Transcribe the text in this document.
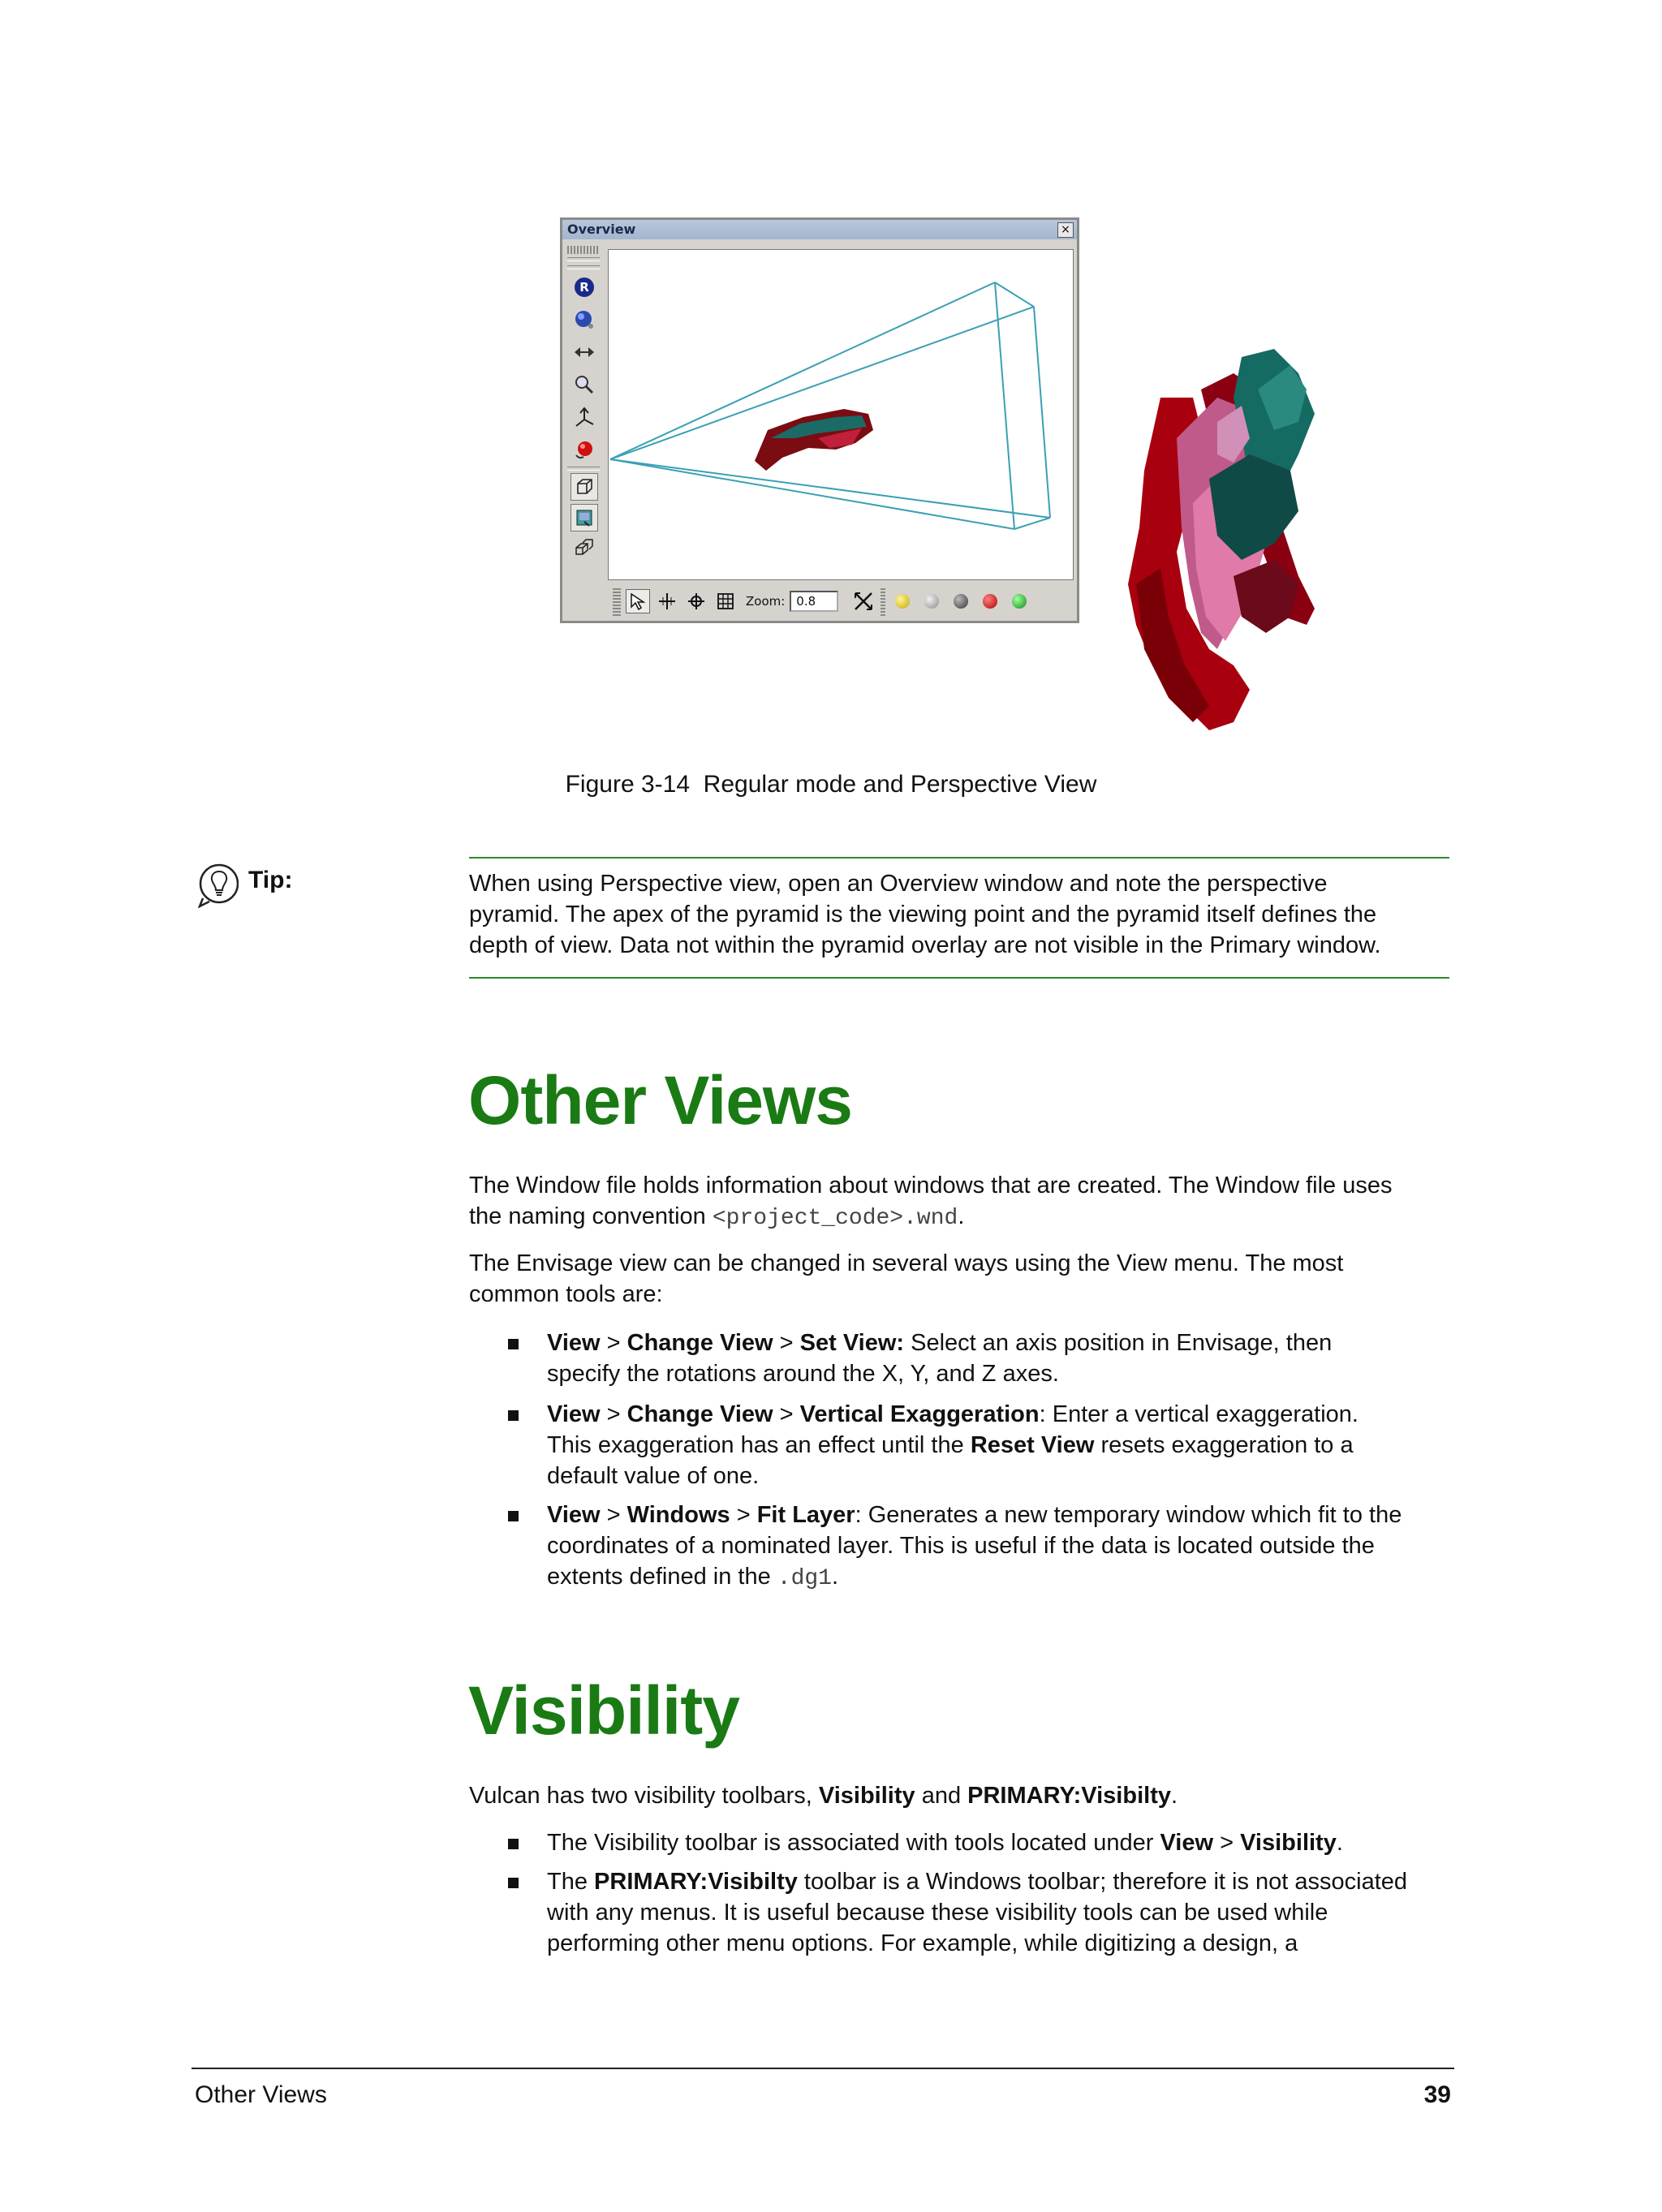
Overview	×
R
Zoom: 0.8
Figure 3-14  Regular mode and Perspective View
Tip:	When using Perspective view, open an Overview window and note the perspective
pyramid. The apex of the pyramid is the viewing point and the pyramid itself defines the
depth of view. Data not within the pyramid overlay are not visible in the Primary window.
Other Views
The Window file holds information about windows that are created. The Window file uses
the naming convention <project_code>.wnd.
The Envisage view can be changed in several ways using the View menu. The most
common tools are:
View > Change View > Set View: Select an axis position in Envisage, then
specify the rotations around the X, Y, and Z axes.
View > Change View > Vertical Exaggeration: Enter a vertical exaggeration.
This exaggeration has an effect until the Reset View resets exaggeration to a
default value of one.
View > Windows > Fit Layer: Generates a new temporary window which fit to the
coordinates of a nominated layer. This is useful if the data is located outside the
extents defined in the .dg1.
Visibility
Vulcan has two visibility toolbars, Visibility and PRIMARY:Visibilty.
The Visibility toolbar is associated with tools located under View > Visibility.
The PRIMARY:Visibilty toolbar is a Windows toolbar; therefore it is not associated
with any menus. It is useful because these visibility tools can be used while
performing other menu options. For example, while digitizing a design, a
Other Views	39
